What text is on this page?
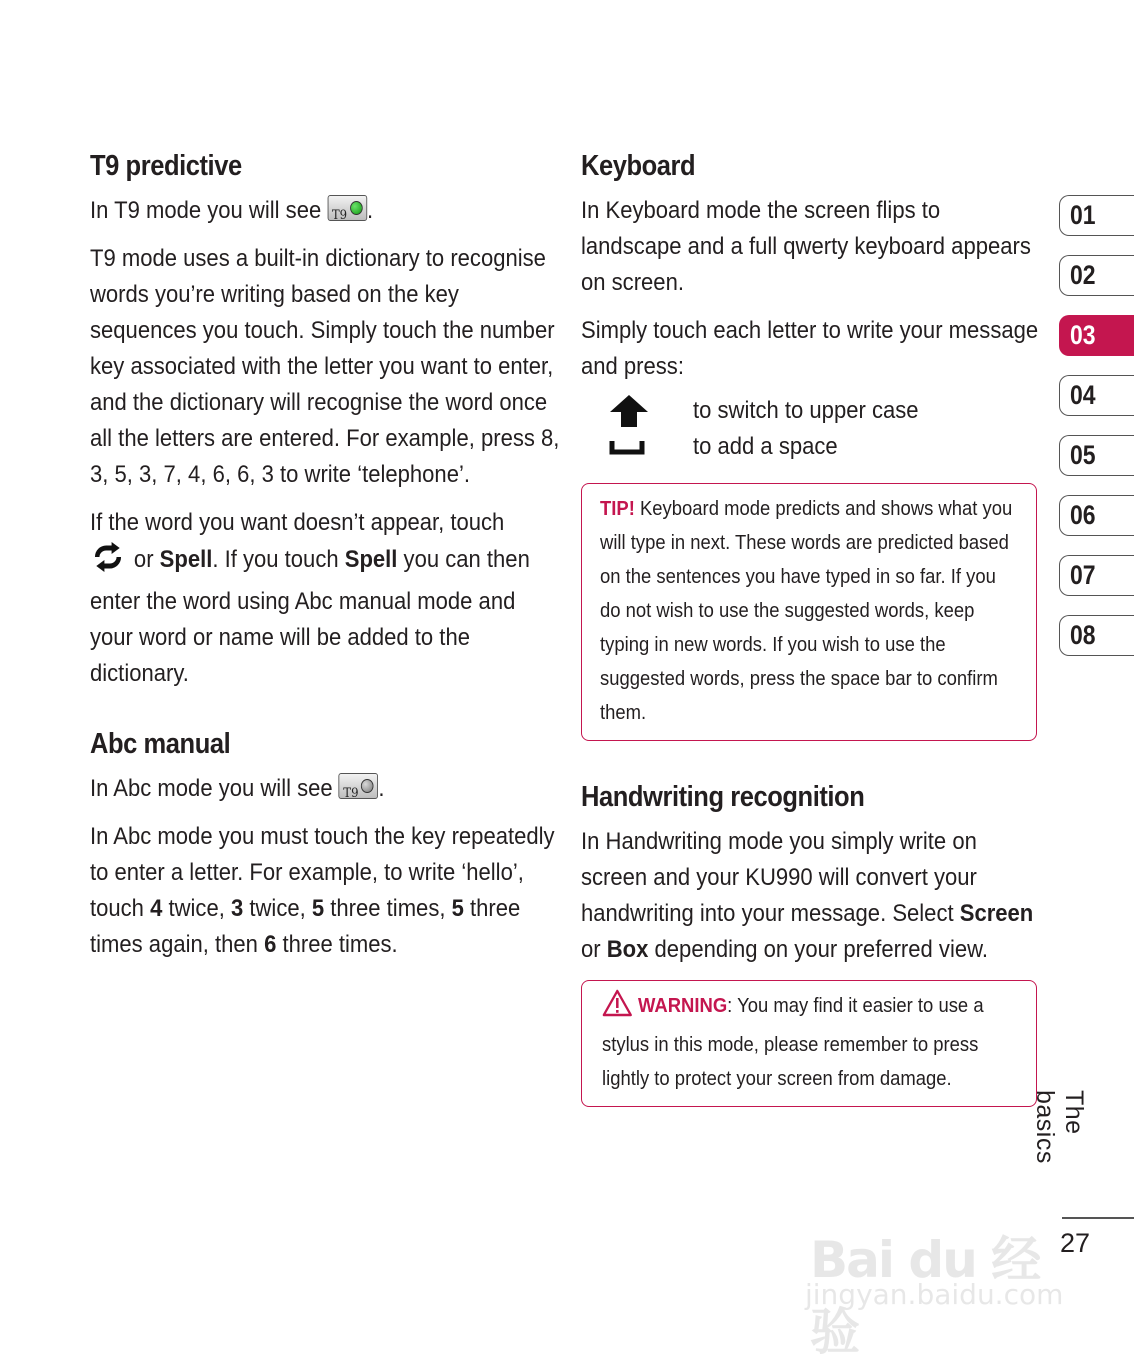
T9 predictive

In T9 mode you will see T9 .

T9 mode uses a built-in dictionary to recognise words you’re writing based on the key sequences you touch. Simply touch the number key associated with the letter you want to enter, and the dictionary will recognise the word once all the letters are entered. For example, press 8, 3, 5, 3, 7, 4, 6, 6, 3 to write ‘telephone’.

If the word you want doesn’t appear, touch
or Spell. If you touch Spell you can then enter the word using Abc manual mode and your word or name will be added to the dictionary.

Abc manual

In Abc mode you will see T9 .

In Abc mode you must touch the key repeatedly to enter a letter. For example, to write ‘hello’, touch 4 twice, 3 twice, 5 three times, 5 three times again, then 6 three times.

Keyboard

In Keyboard mode the screen flips to landscape and a full qwerty keyboard appears on screen.

Simply touch each letter to write your message and press:

to switch to upper case
to add a space

TIP! Keyboard mode predicts and shows what you will type in next. These words are predicted based on the sentences you have typed in so far. If you do not wish to use the suggested words, keep typing in new words. If you wish to use the suggested words, press the space bar to confirm them.

Handwriting recognition

In Handwriting mode you simply write on screen and your KU990 will convert your handwriting into your message. Select Screen or Box depending on your preferred view.

WARNING: You may find it easier to use a stylus in this mode, please remember to press lightly to protect your screen from damage.

01
02
03
04
05
06
07
08
The basics
27
Bai du 经验
jingyan.baidu.com
